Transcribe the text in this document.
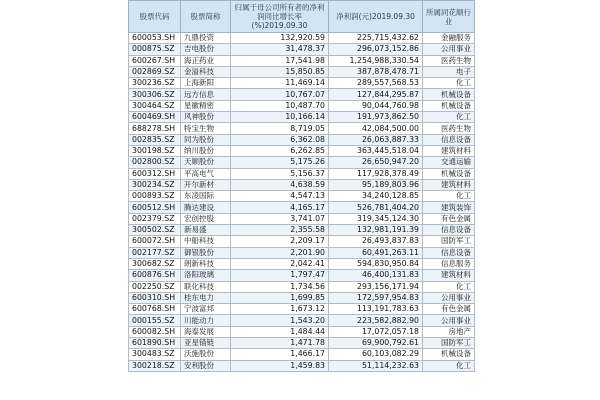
股票代码	股票简称	归属于母公司所有者的净利润同比增长率(%)2019.09.30	净利润(元)2019.09.30	所属同花顺行业
600053.SH	九鼎投资	132,920.59	225,715,432.62	金融服务
000875.SZ	吉电股份	31,478.37	296,073,152.86	公用事业
600267.SH	海正药业	17,541.98	1,254,988,330.54	医药生物
002869.SZ	金溢科技	15,850.85	387,878,478.71	电子
300236.SZ	上海新阳	11,469.14	289,557,568.53	化工
300306.SZ	远方信息	10,767.07	127,844,295.87	机械设备
300464.SZ	星徽精密	10,487.70	90,044,760.98	机械设备
600469.SH	风神股份	10,166.14	191,973,862.50	化工
688278.SH	特宝生物	8,719.05	42,084,500.00	医药生物
002835.SZ	同为股份	6,362.08	26,063,887.33	信息设备
300198.SZ	纳川股份	6,262.85	363,445,518.04	建筑材料
002800.SZ	天顺股份	5,175.26	26,650,947.20	交通运输
600312.SH	平高电气	5,156.37	117,928,378.49	机械设备
300234.SZ	开尔新材	4,638.59	95,189,803.96	建筑材料
000893.SZ	东凌国际	4,547.13	34,240,128.85	化工
600512.SH	腾达建设	4,165.17	526,781,404.20	建筑装饰
002379.SZ	宏创控股	3,741.07	319,345,124.30	有色金属
300502.SZ	新易盛	2,355.58	132,981,191.39	信息设备
600072.SH	中船科技	2,209.17	26,493,837.83	国防军工
002177.SZ	御银股份	2,201.90	60,491,263.11	信息设备
300682.SZ	朗新科技	2,042.41	594,830,950.84	信息服务
600876.SH	洛阳玻璃	1,797.47	46,400,131.83	建筑材料
002250.SZ	联化科技	1,734.56	293,156,171.94	化工
600310.SH	桂东电力	1,699.85	172,597,954.83	公用事业
600768.SH	宁波富邦	1,673.12	113,191,783.63	有色金属
000155.SZ	川能动力	1,543.20	223,582,882.90	公用事业
600082.SH	海泰发展	1,484.44	17,072,057.18	房地产
601890.SH	亚星锚链	1,471.78	69,900,792.61	国防军工
300483.SZ	沃施股份	1,466.17	60,103,082.29	机械设备
300218.SZ	安利股份	1,459.83	51,114,232.63	化工
